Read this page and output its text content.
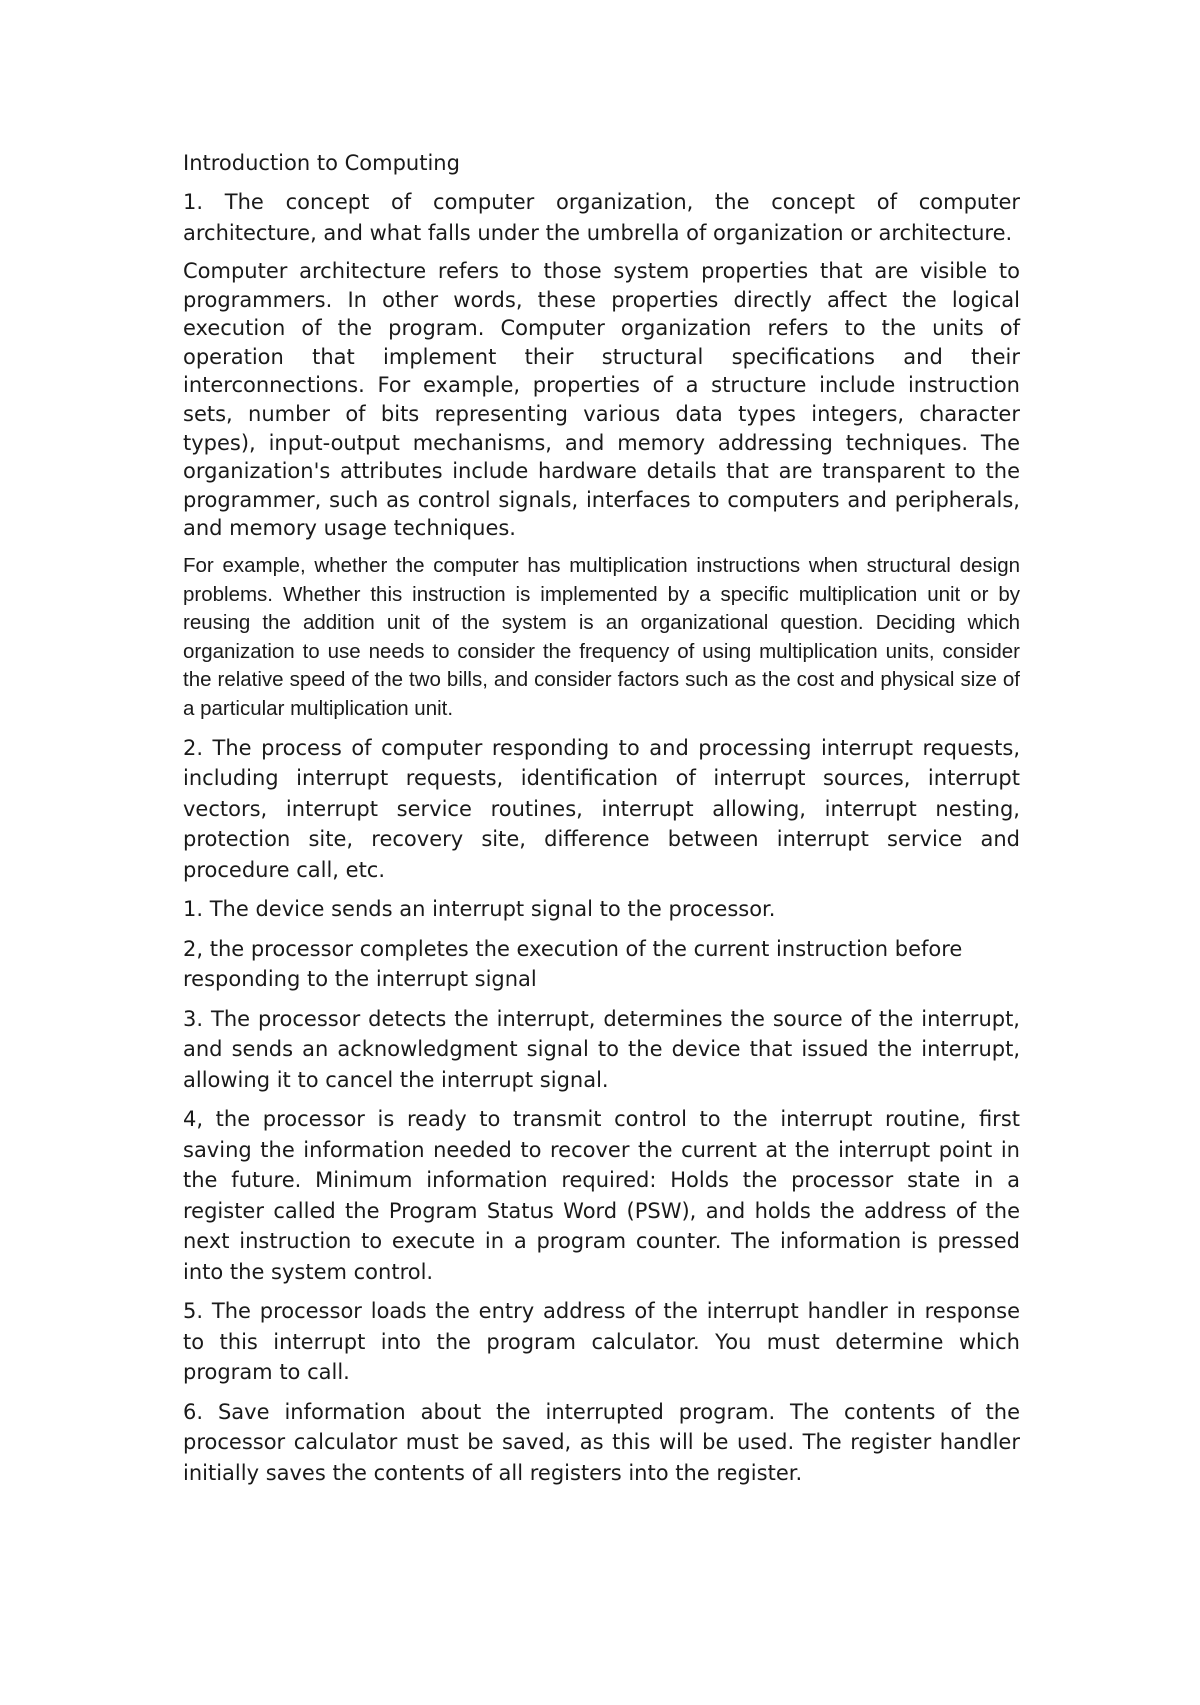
Introduction to Computing

1. The concept of computer organization, the concept of computer architecture, and what falls under the umbrella of organization or architecture.

Computer architecture refers to those system properties that are visible to programmers. In other words, these properties directly affect the logical execution of the program. Computer organization refers to the units of operation that implement their structural specifications and their interconnections. For example, properties of a structure include instruction sets, number of bits representing various data types integers, character types), input-output mechanisms, and memory addressing techniques. The organization's attributes include hardware details that are transparent to the programmer, such as control signals, interfaces to computers and peripherals, and memory usage techniques.

For example, whether the computer has multiplication instructions when structural design problems. Whether this instruction is implemented by a specific multiplication unit or by reusing the addition unit of the system is an organizational question. Deciding which organization to use needs to consider the frequency of using multiplication units, consider the relative speed of the two bills, and consider factors such as the cost and physical size of a particular multiplication unit.

2. The process of computer responding to and processing interrupt requests, including interrupt requests, identification of interrupt sources, interrupt vectors, interrupt service routines, interrupt allowing, interrupt nesting, protection site, recovery site, difference between interrupt service and procedure call, etc.

1. The device sends an interrupt signal to the processor.

2, the processor completes the execution of the current instruction before responding to the interrupt signal

3. The processor detects the interrupt, determines the source of the interrupt, and sends an acknowledgment signal to the device that issued the interrupt, allowing it to cancel the interrupt signal.

4, the processor is ready to transmit control to the interrupt routine, first saving the information needed to recover the current at the interrupt point in the future. Minimum information required: Holds the processor state in a register called the Program Status Word (PSW), and holds the address of the next instruction to execute in a program counter. The information is pressed into the system control.

5. The processor loads the entry address of the interrupt handler in response to this interrupt into the program calculator. You must determine which program to call.

6. Save information about the interrupted program. The contents of the processor calculator must be saved, as this will be used. The register handler initially saves the contents of all registers into the register.
